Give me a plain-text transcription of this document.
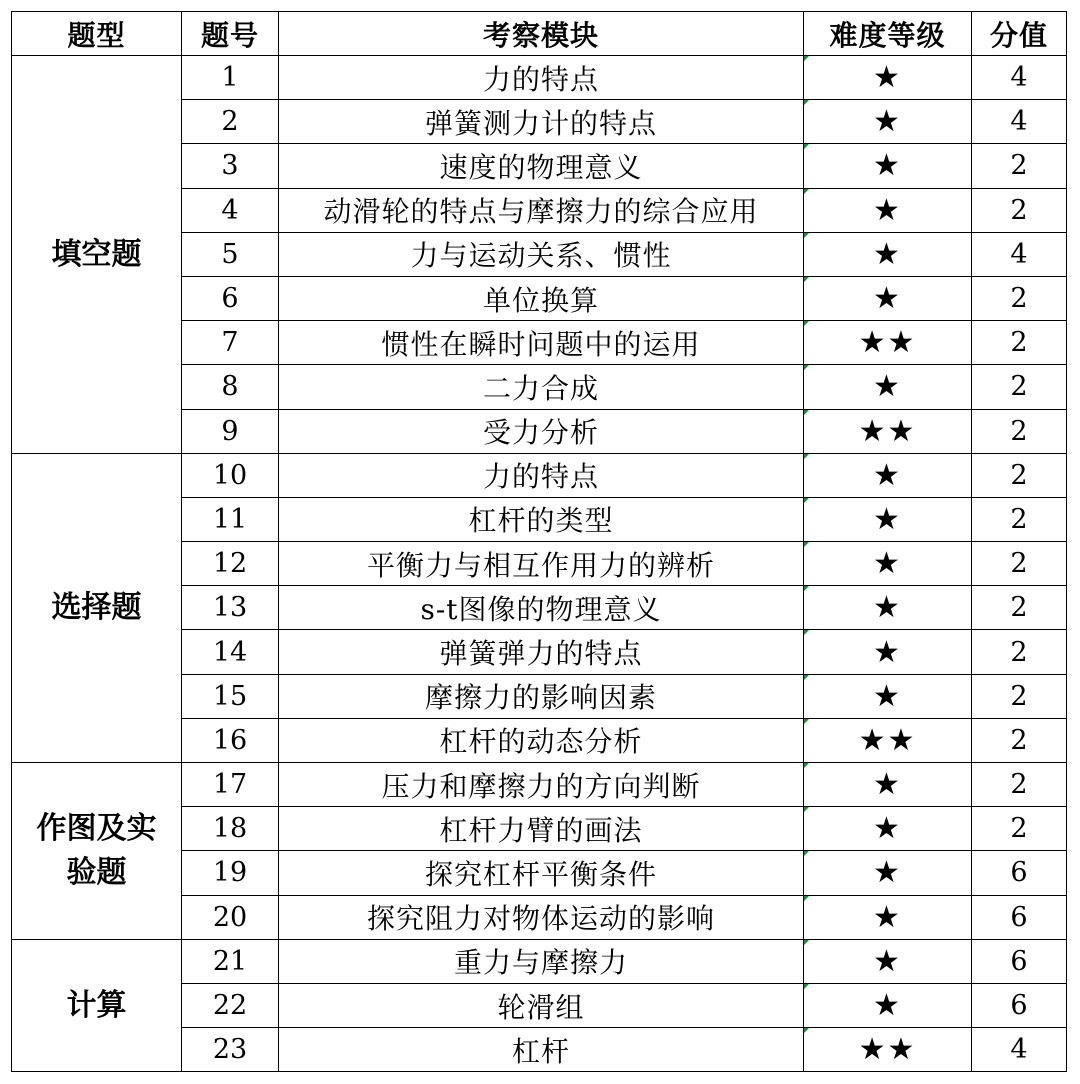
题型	题号	考察模块	难度等级	分值
填空题	1	力的特点	★	4
	2	弹簧测力计的特点	★	4
	3	速度的物理意义	★	2
	4	动滑轮的特点与摩擦力的综合应用	★	2
	5	力与运动关系、惯性	★	4
	6	单位换算	★	2
	7	惯性在瞬时问题中的运用	★★	2
	8	二力合成	★	2
	9	受力分析	★★	2
选择题	10	力的特点	★	2
	11	杠杆的类型	★	2
	12	平衡力与相互作用力的辨析	★	2
	13	s-t图像的物理意义	★	2
	14	弹簧弹力的特点	★	2
	15	摩擦力的影响因素	★	2
	16	杠杆的动态分析	★★	2
作图及实验题	17	压力和摩擦力的方向判断	★	2
	18	杠杆力臂的画法	★	2
	19	探究杠杆平衡条件	★	6
	20	探究阻力对物体运动的影响	★	6
计算	21	重力与摩擦力	★	6
	22	轮滑组	★	6
	23	杠杆	★★	4
